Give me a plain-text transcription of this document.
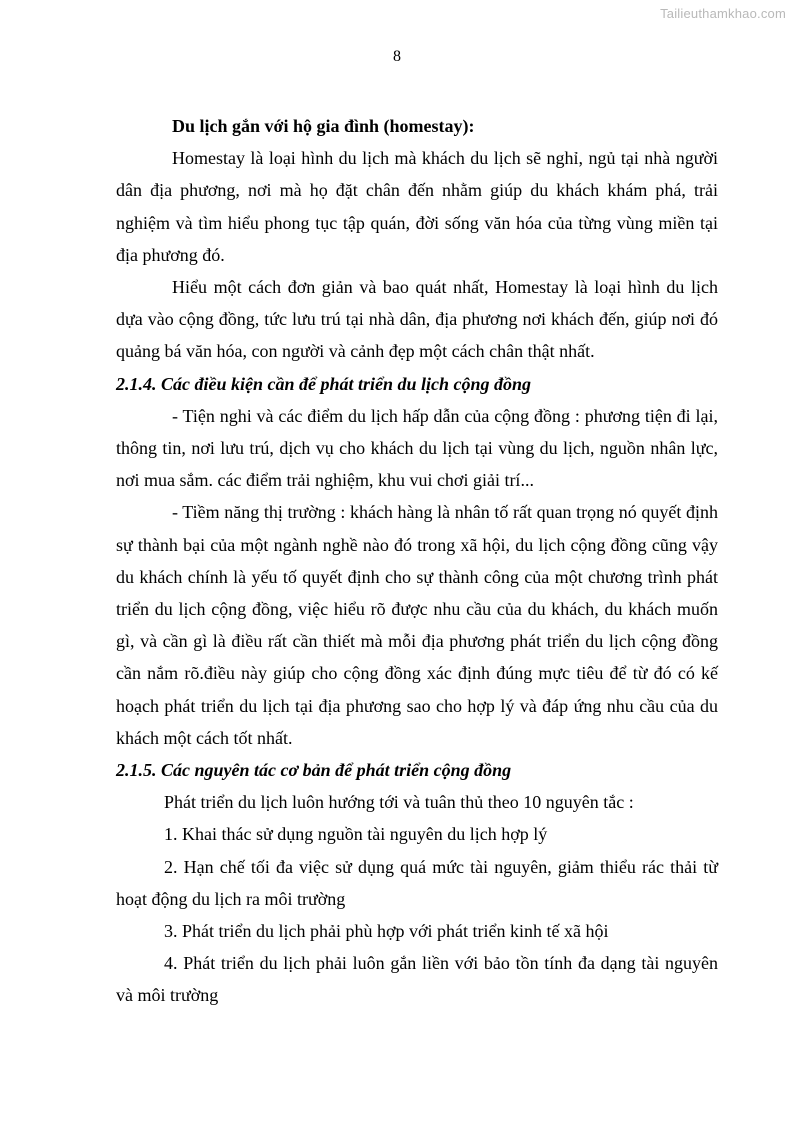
Tailieuthamkhao.com
8

Du lịch gắn với hộ gia đình (homestay):

Homestay là loại hình du lịch mà khách du lịch sẽ nghỉ, ngủ tại nhà người dân địa phương, nơi mà họ đặt chân đến nhằm giúp du khách khám phá, trải nghiệm và tìm hiểu phong tục tập quán, đời sống văn hóa của từng vùng miền tại địa phương đó.

Hiểu một cách đơn giản và bao quát nhất, Homestay là loại hình du lịch dựa vào cộng đồng, tức lưu trú tại nhà dân, địa phương nơi khách đến, giúp nơi đó quảng bá văn hóa, con người và cảnh đẹp một cách chân thật nhất.

2.1.4. Các điều kiện cần để phát triển du lịch cộng đồng

- Tiện nghi và các điểm du lịch hấp dẫn của cộng đồng : phương tiện đi lại, thông tin, nơi lưu trú, dịch vụ cho khách du lịch tại vùng du lịch, nguồn nhân lực, nơi mua sắm. các điểm trải nghiệm, khu vui chơi giải trí...

- Tiềm năng thị trường : khách hàng là nhân tố rất quan trọng nó quyết định sự thành bại của một ngành nghề nào đó trong xã hội, du lịch cộng đồng cũng vậy du khách chính là yếu tố quyết định cho sự thành công của một chương trình phát triển du lịch cộng đồng, việc hiểu rõ được nhu cầu của du khách, du khách muốn gì, và cần gì là điều rất cần thiết mà mỗi địa phương phát triển du lịch cộng đồng cần nắm rõ.điều này giúp cho cộng đồng xác định đúng mực tiêu để từ đó có kế hoạch phát triển du lịch tại địa phương sao cho hợp lý và đáp ứng nhu cầu của du khách một cách tốt nhất.

2.1.5. Các nguyên tác cơ bản để phát triển cộng đồng

Phát triển du lịch luôn hướng tới và tuân thủ theo 10 nguyên tắc :

1. Khai thác sử dụng nguồn tài nguyên du lịch hợp lý

2. Hạn chế tối đa việc sử dụng quá mức tài nguyên, giảm thiểu rác thải từ hoạt động du lịch ra môi trường

3. Phát triển du lịch phải phù hợp với phát triển kinh tế xã hội

4. Phát triển du lịch phải luôn gắn liền với bảo tồn tính đa dạng tài nguyên và môi trường
